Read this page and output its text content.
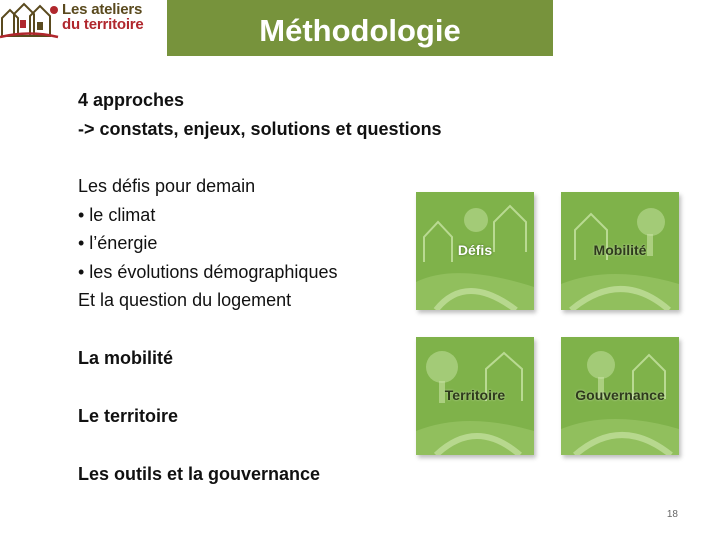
Les ateliers
du territoire	Méthodologie
4 approches
-> constats, enjeux, solutions et questions
Les défis pour demain
• le climat
• l’énergie
• les évolutions démographiques
Et la question du logement
La mobilité
Le territoire
Les outils et la gouvernance
Défis	Mobilité
Territoire	Gouvernance
18
